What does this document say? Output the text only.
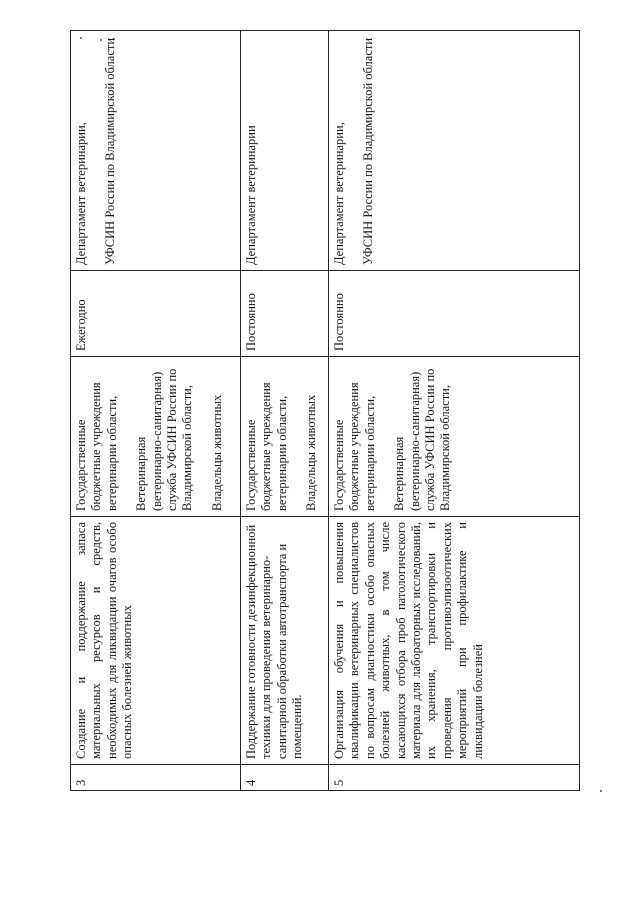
3	Создание и поддержание запаса материальных ресурсов и средств, необходимых для ликвидации очагов особо опасных болезней животных	Государственные бюджетные учреждения ветеринарии области, Ветеринарная (ветеринарно-санитарная) служба УФСИН России по Владимирской области, Владельцы животных	Ежегодно	Департамент ветеринарии, УФСИН России по Владимирской области

4	Поддержание готовности дезинфекционной техники для проведения ветеринарно-санитарной обработки автотранспорта и помещений.	Государственные бюджетные учреждения ветеринарии области, Владельцы животных	Постоянно	Департамент ветеринарии

5	Организация обучения и повышения квалификации ветеринарных специалистов по вопросам диагностики особо опасных болезней животных, в том числе касающихся отбора проб патологического материала для лабораторных исследований, их хранения, транспортировки и проведения противоэпизоотических мероприятий при профилактике и ликвидации болезней	Государственные бюджетные учреждения ветеринарии области, Ветеринарная (ветеринарно-санитарная) служба УФСИН России по Владимирской области,	Постоянно	Департамент ветеринарии, УФСИН России по Владимирской области
